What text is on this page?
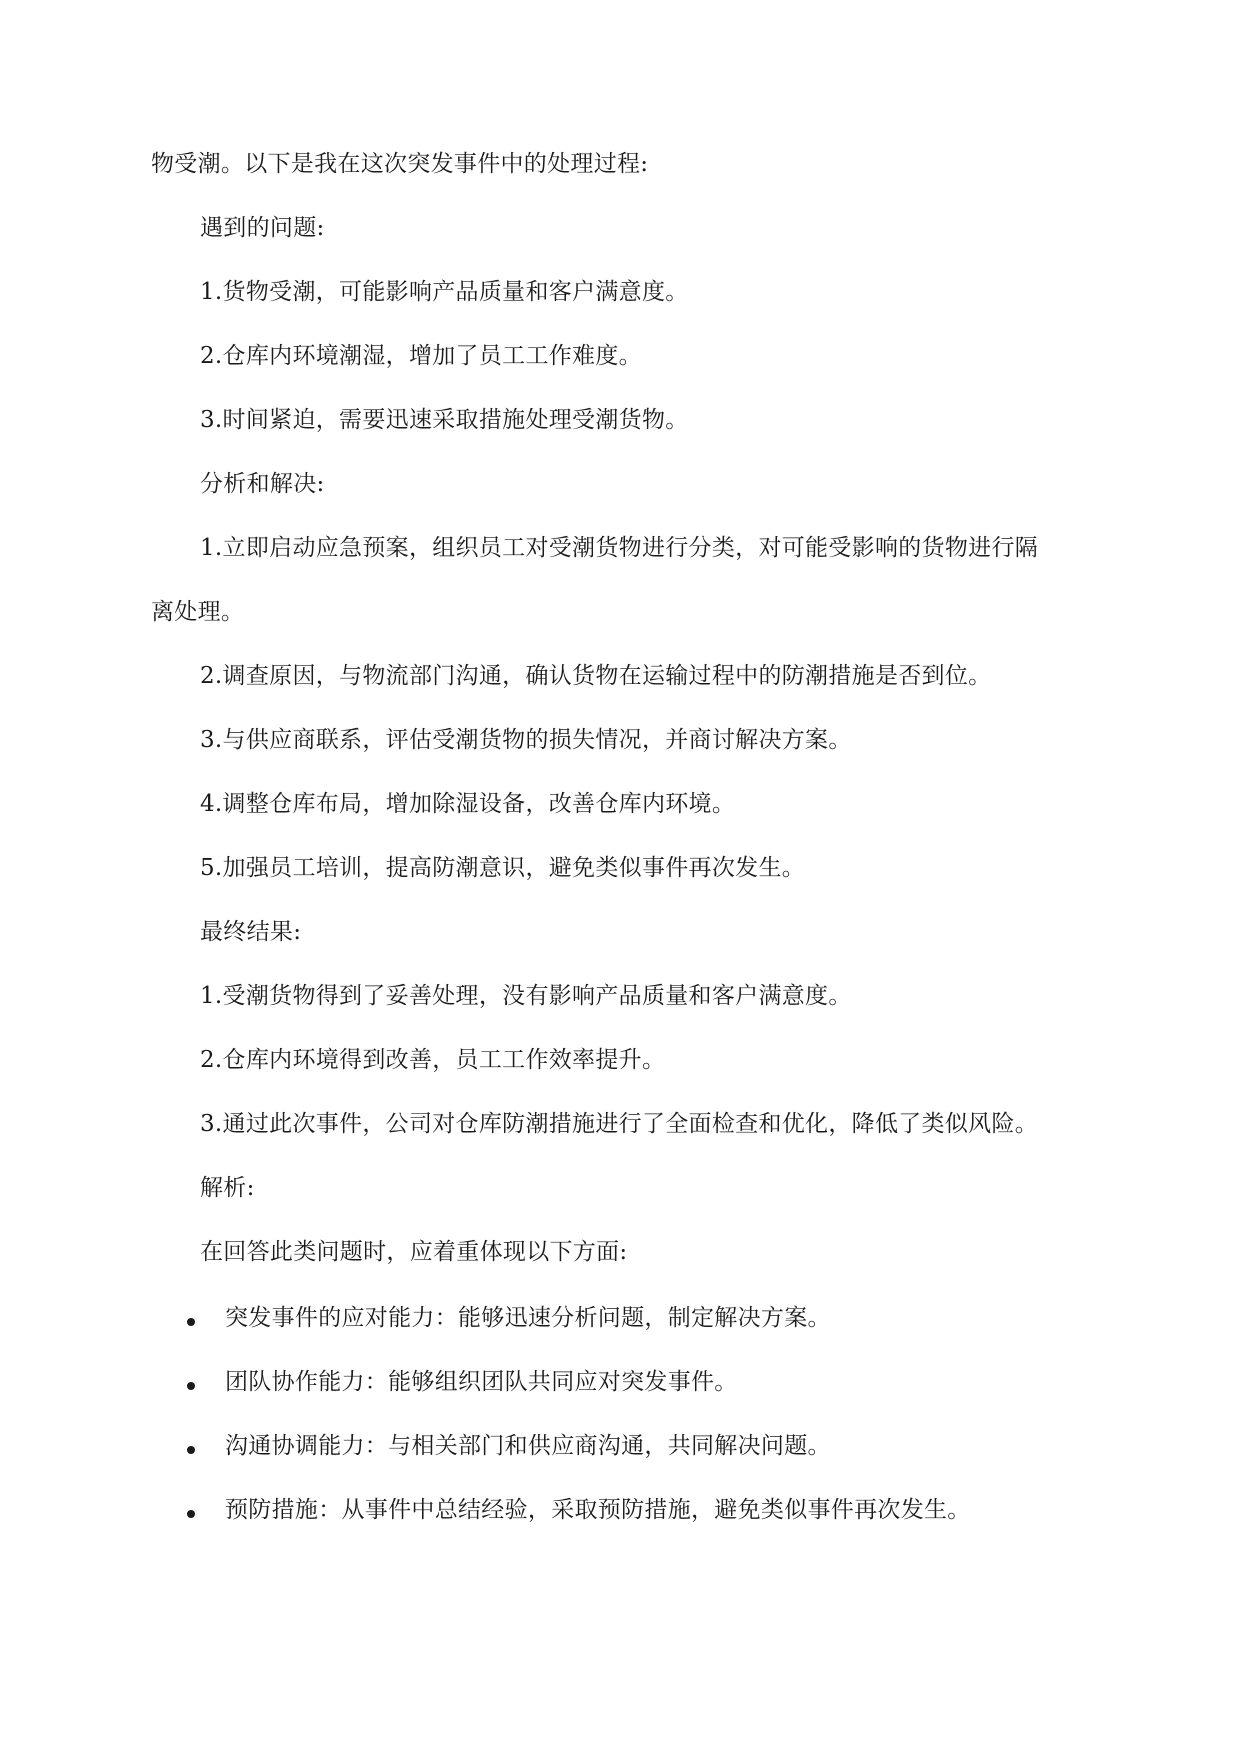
物受潮。以下是我在这次突发事件中的处理过程:
遇到的问题:
1.货物受潮，可能影响产品质量和客户满意度。
2.仓库内环境潮湿，增加了员工工作难度。
3.时间紧迫，需要迅速采取措施处理受潮货物。
分析和解决:
1.立即启动应急预案，组织员工对受潮货物进行分类，对可能受影响的货物进行隔
离处理。
2.调查原因，与物流部门沟通，确认货物在运输过程中的防潮措施是否到位。
3.与供应商联系，评估受潮货物的损失情况，并商讨解决方案。
4.调整仓库布局，增加除湿设备，改善仓库内环境。
5.加强员工培训，提高防潮意识，避免类似事件再次发生。
最终结果:
1.受潮货物得到了妥善处理，没有影响产品质量和客户满意度。
2.仓库内环境得到改善，员工工作效率提升。
3.通过此次事件，公司对仓库防潮措施进行了全面检查和优化，降低了类似风险。
解析:
在回答此类问题时，应着重体现以下方面:
突发事件的应对能力：能够迅速分析问题，制定解决方案。
团队协作能力：能够组织团队共同应对突发事件。
沟通协调能力：与相关部门和供应商沟通，共同解决问题。
预防措施：从事件中总结经验，采取预防措施，避免类似事件再次发生。
